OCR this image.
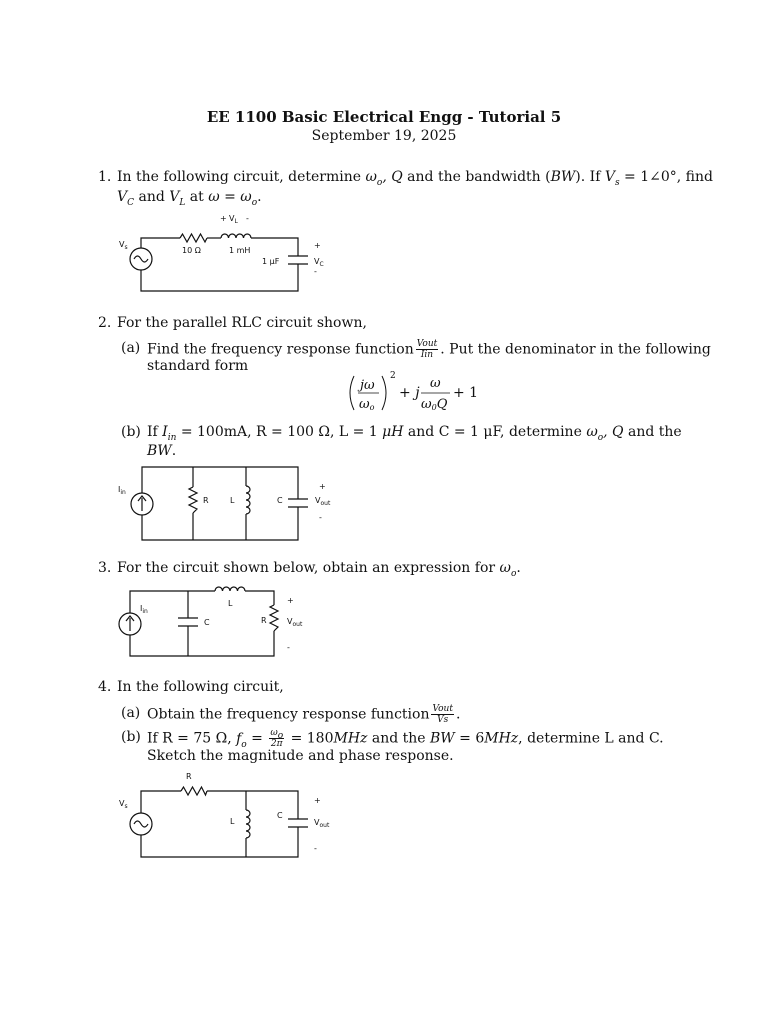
EE 1100 Basic Electrical Engg - Tutorial 5
September 19, 2025
1. In the following circuit, determine $\omega_o$, Q and the bandwidth (BW). If $V_s$ = 1∠0°, find
$V_C$ and $V_L$ at $\omega = \omega_o$.
$V_s$	10 Ω	1 mH
1 μF
+ $V_L$ -
+
$V_C$
-
2. For the parallel RLC circuit shown,
(a) Find the frequency response function $\frac{\text{Vout}}{\text{Iin}}$ . Put the denominator in the following
standard form
jω
ωo
2
+ j
ω
ω0Q
+ 1
(b) If $I_{in} = 100mA$, R = 100 Ω, L = 1 μH and C = 1 μF, determine $\omega_o$, Q and the
BW.
$I_{in}$
R	L	C
+
$V_{out}$
-
3. For the circuit shown below, obtain an expression for $\omega_o$.
$I_{in}$
C
L
R
+
$V_{out}$
-
4. In the following circuit,
(a) Obtain the frequency response function $\frac{\text{Vout}}{Vs}$ .
(b) If R = 75 Ω, $f_o = \frac{\omega_o}{2\pi} = 180MHz$ and the BW = 6MHz, determine L and C.
Sketch the magnitude and phase response.
$V_s$
R
L
C
+
$V_{out}$
-
